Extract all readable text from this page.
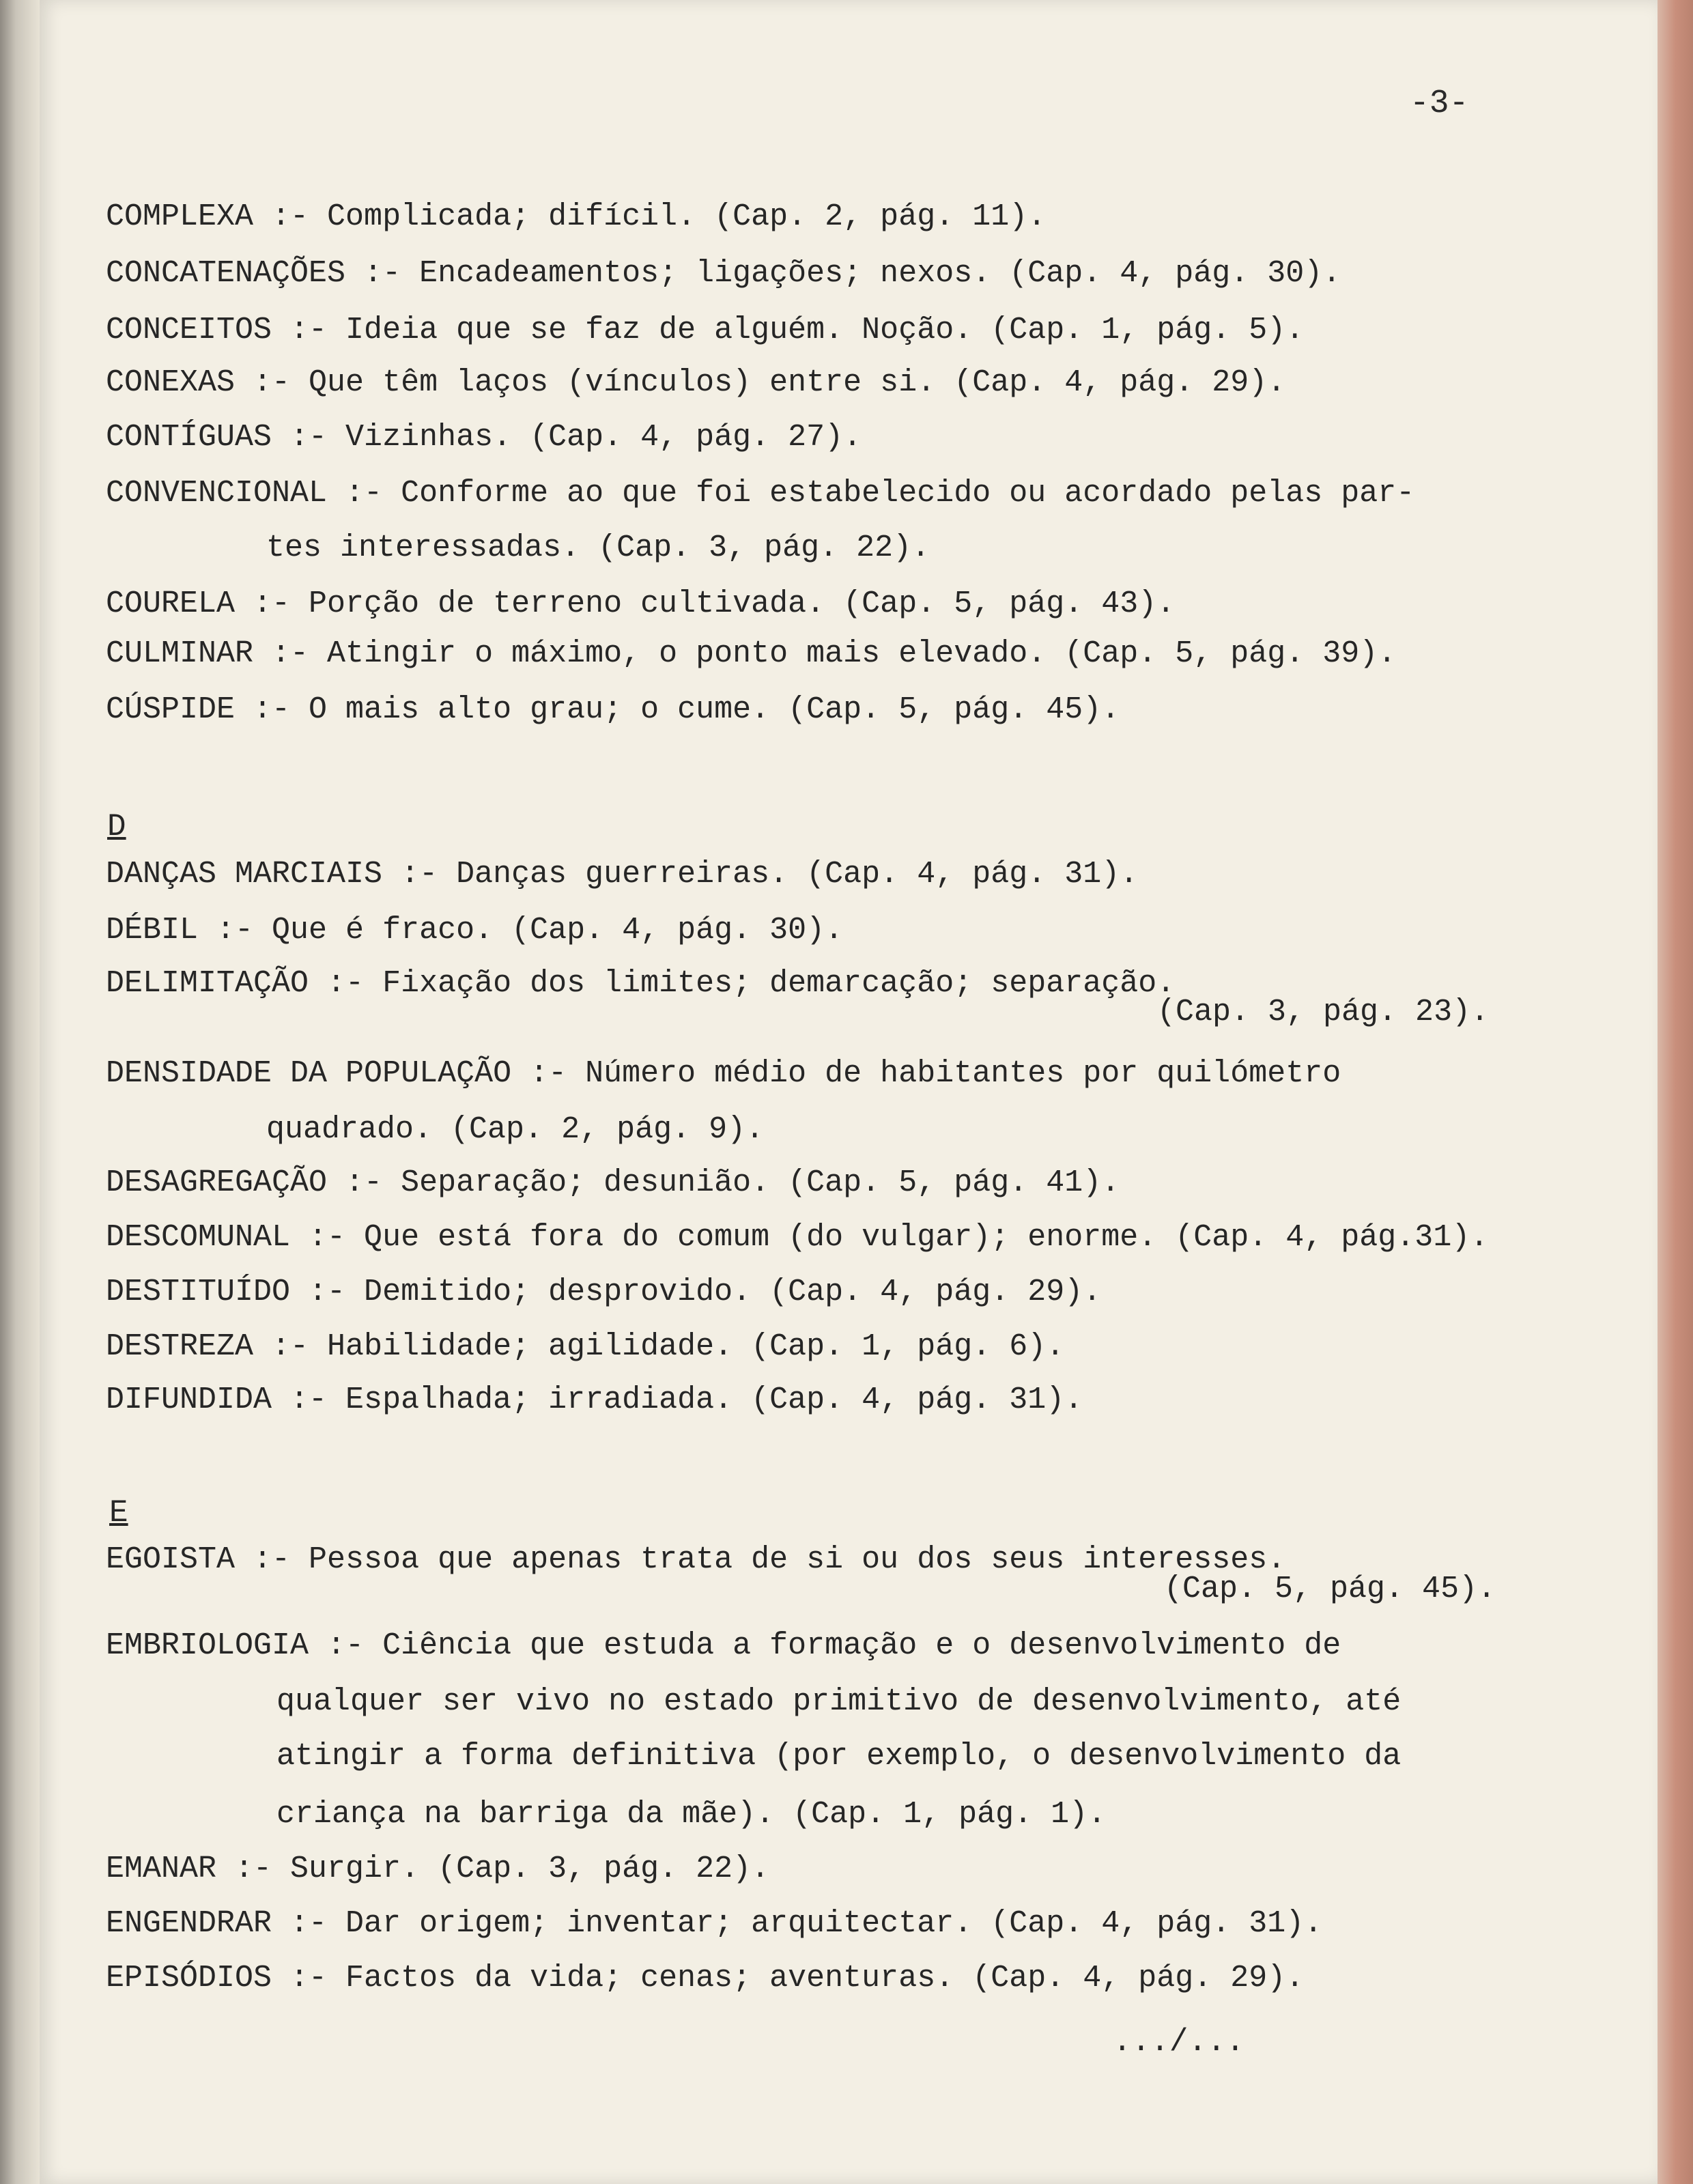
-3-
COMPLEXA :- Complicada; difícil. (Cap. 2, pág. 11).
CONCATENAÇÕES :- Encadeamentos; ligações; nexos. (Cap. 4, pág. 30).
CONCEITOS :- Ideia que se faz de alguém. Noção. (Cap. 1, pág. 5).
CONEXAS :- Que têm laços (vínculos) entre si. (Cap. 4, pág. 29).
CONTÍGUAS :- Vizinhas. (Cap. 4, pág. 27).
CONVENCIONAL :- Conforme ao que foi estabelecido ou acordado pelas par-
tes interessadas. (Cap. 3, pág. 22).
COURELA :- Porção de terreno cultivada. (Cap. 5, pág. 43).
CULMINAR :- Atingir o máximo, o ponto mais elevado. (Cap. 5, pág. 39).
CÚSPIDE :- O mais alto grau; o cume. (Cap. 5, pág. 45).
D
DANÇAS MARCIAIS :- Danças guerreiras. (Cap. 4, pág. 31).
DÉBIL :- Que é fraco. (Cap. 4, pág. 30).
DELIMITAÇÃO :- Fixação dos limites; demarcação; separação.
(Cap. 3, pág. 23).
DENSIDADE DA POPULAÇÃO :- Número médio de habitantes por quilómetro
quadrado. (Cap. 2, pág. 9).
DESAGREGAÇÃO :- Separação; desunião. (Cap. 5, pág. 41).
DESCOMUNAL :- Que está fora do comum (do vulgar); enorme. (Cap. 4, pág.31).
DESTITUÍDO :- Demitido; desprovido. (Cap. 4, pág. 29).
DESTREZA :- Habilidade; agilidade. (Cap. 1, pág. 6).
DIFUNDIDA :- Espalhada; irradiada. (Cap. 4, pág. 31).
E
EGOISTA :- Pessoa que apenas trata de si ou dos seus interesses.
(Cap. 5, pág. 45).
EMBRIOLOGIA :- Ciência que estuda a formação e o desenvolvimento de
qualquer ser vivo no estado primitivo de desenvolvimento, até
atingir a forma definitiva (por exemplo, o desenvolvimento da
criança na barriga da mãe). (Cap. 1, pág. 1).
EMANAR :- Surgir. (Cap. 3, pág. 22).
ENGENDRAR :- Dar origem; inventar; arquitectar. (Cap. 4, pág. 31).
EPISÓDIOS :- Factos da vida; cenas; aventuras. (Cap. 4, pág. 29).
.../...
